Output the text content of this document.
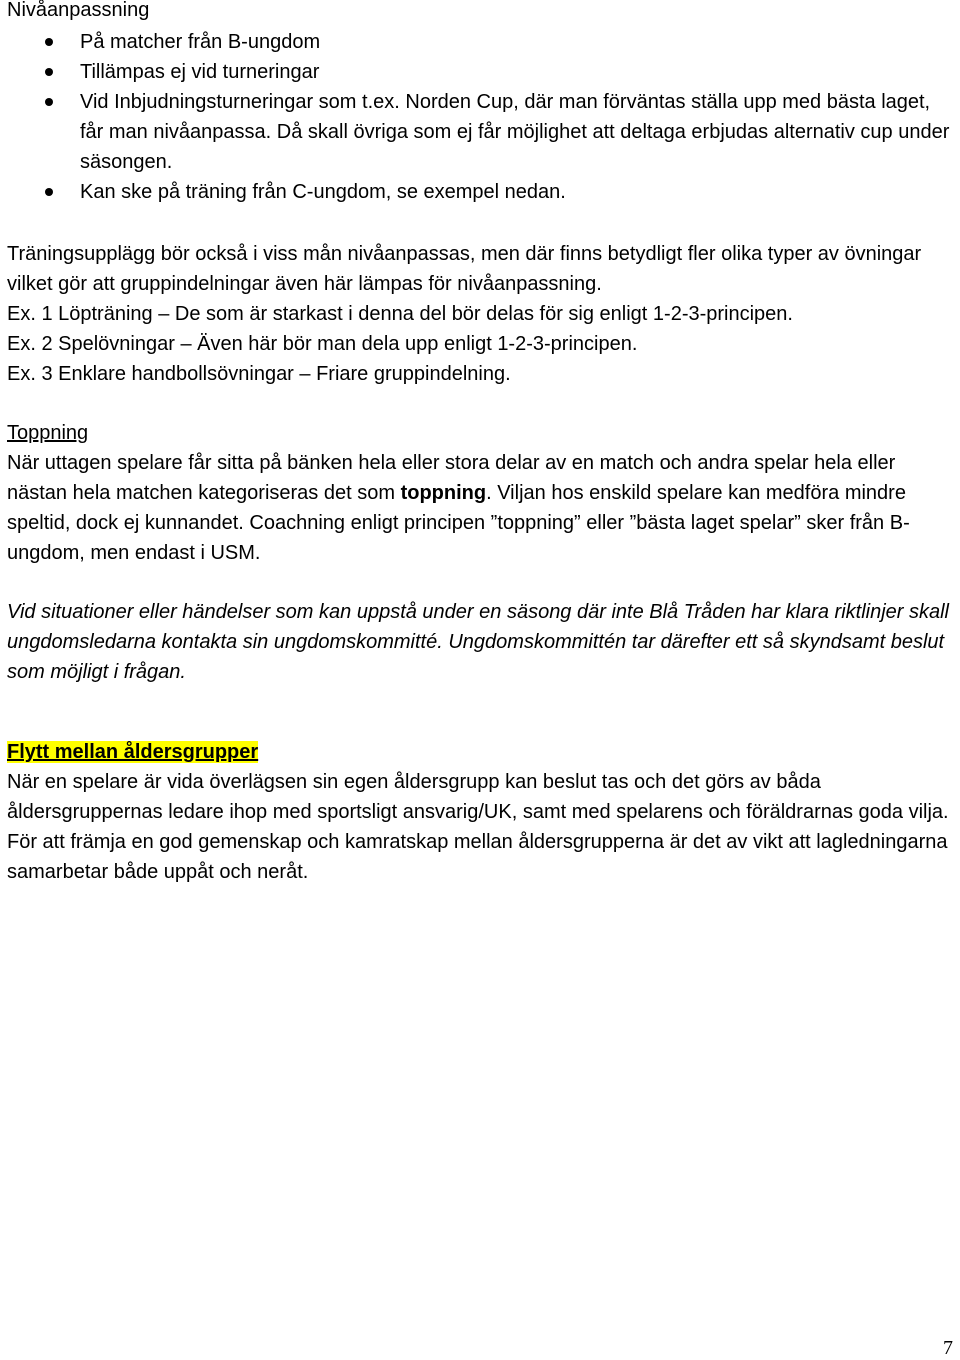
Nivåanpassning
På matcher från B-ungdom
Tillämpas ej vid turneringar
Vid Inbjudningsturneringar som t.ex. Norden Cup, där man förväntas ställa upp med bästa laget, får man nivåanpassa. Då skall övriga som ej får möjlighet att deltaga erbjudas alternativ cup under säsongen.
Kan ske på träning från C-ungdom, se exempel nedan.

Träningsupplägg bör också i viss mån nivåanpassas, men där finns betydligt fler olika typer av övningar vilket gör att gruppindelningar även här lämpas för nivåanpassning.

Ex. 1 Löpträning – De som är starkast i denna del bör delas för sig enligt 1-2-3-principen.

Ex. 2 Spelövningar – Även här bör man dela upp enligt 1-2-3-principen.

Ex. 3 Enklare handbollsövningar – Friare gruppindelning.

Toppning

När uttagen spelare får sitta på bänken hela eller stora delar av en match och andra spelar hela eller nästan hela matchen kategoriseras det som toppning. Viljan hos enskild spelare kan medföra mindre speltid, dock ej kunnandet. Coachning enligt principen ”toppning” eller ”bästa laget spelar” sker från B-ungdom, men endast i USM.

Vid situationer eller händelser som kan uppstå under en säsong där inte Blå Tråden har klara riktlinjer skall ungdomsledarna kontakta sin ungdomskommitté. Ungdomskommittén tar därefter ett så skyndsamt beslut som möjligt i frågan.

Flytt mellan åldersgrupper

När en spelare är vida överlägsen sin egen åldersgrupp kan beslut tas och det görs av båda åldersgruppernas ledare ihop med sportsligt ansvarig/UK, samt med spelarens och föräldrarnas goda vilja.

För att främja en god gemenskap och kamratskap mellan åldersgrupperna är det av vikt att lagledningarna samarbetar både uppåt och neråt.

7
